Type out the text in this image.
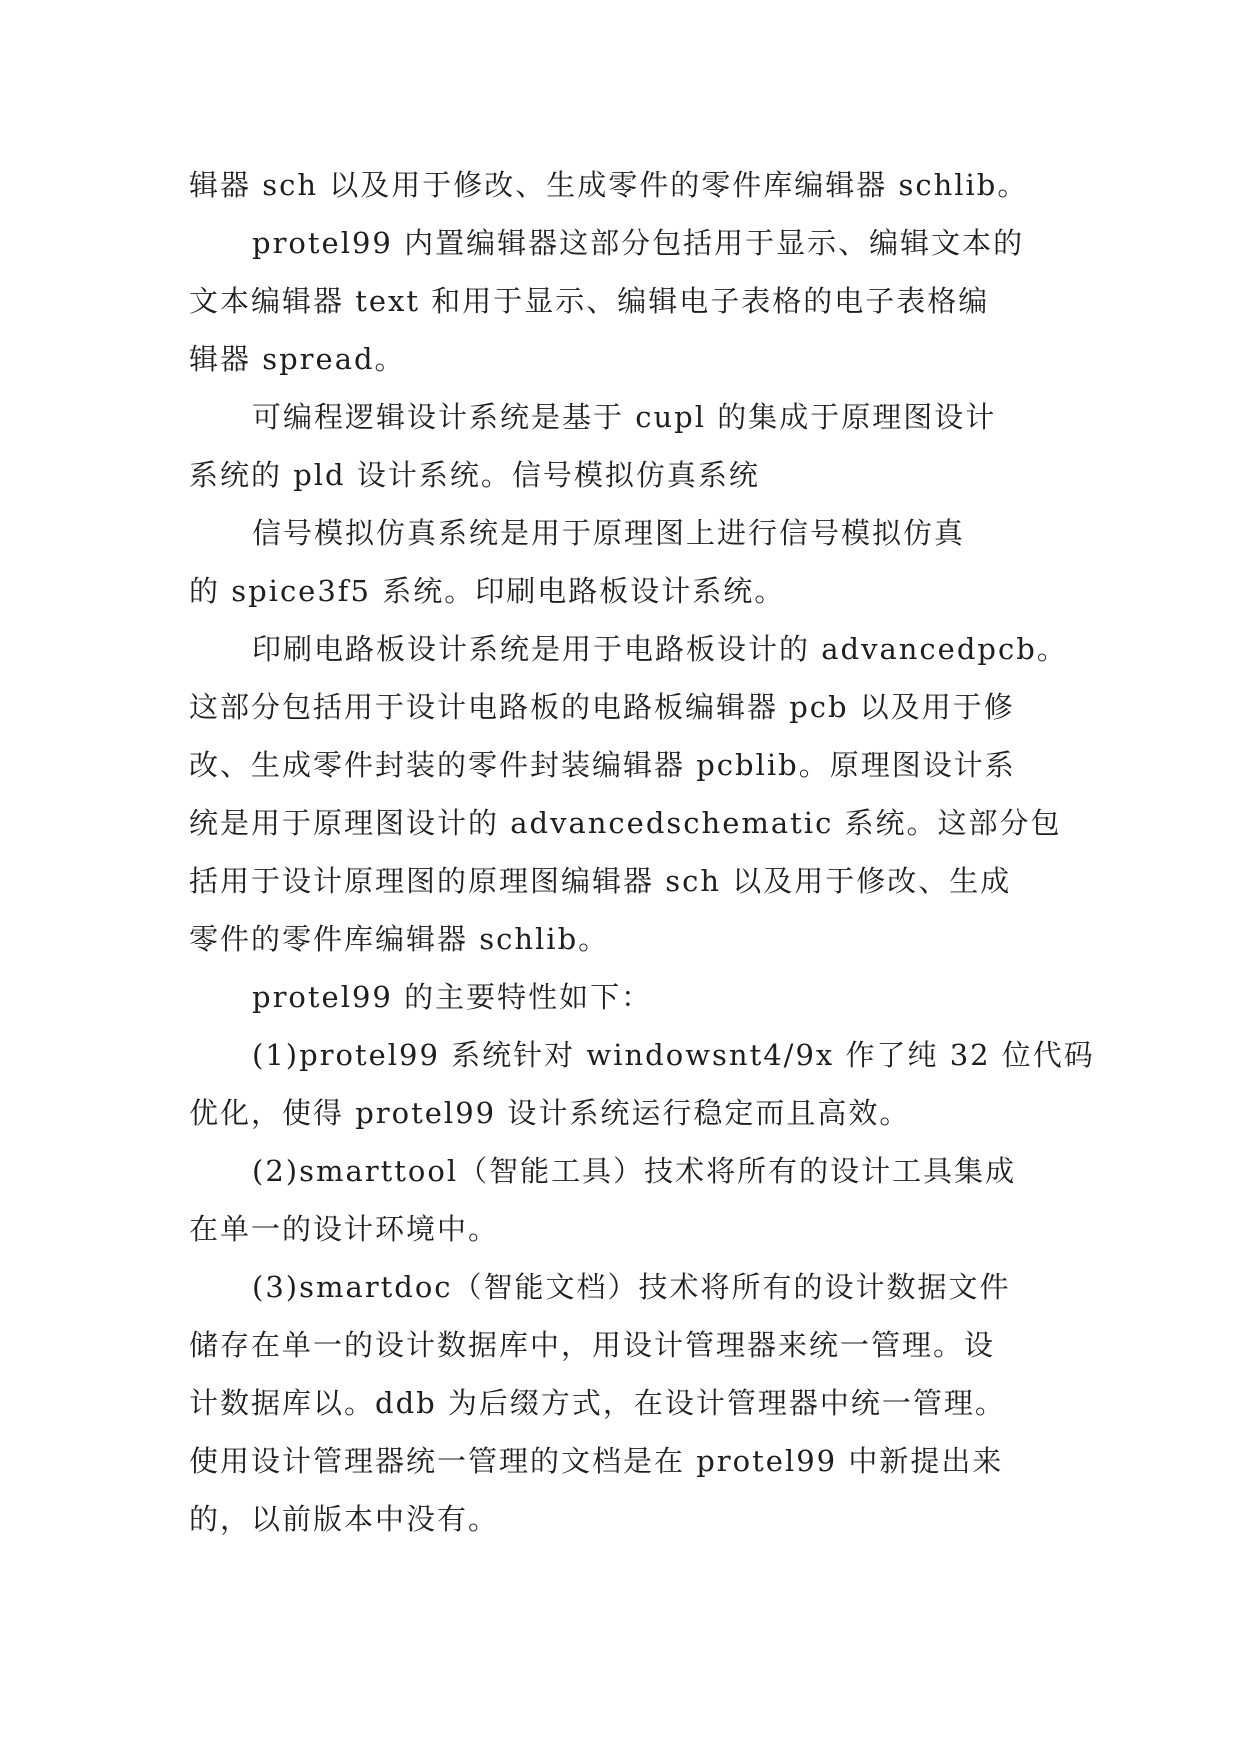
辑器 sch 以及用于修改、生成零件的零件库编辑器 schlib。
protel99 内置编辑器这部分包括用于显示、编辑文本的
文本编辑器 text 和用于显示、编辑电子表格的电子表格编
辑器 spread。
可编程逻辑设计系统是基于 cupl 的集成于原理图设计
系统的 pld 设计系统。信号模拟仿真系统
信号模拟仿真系统是用于原理图上进行信号模拟仿真
的 spice3f5 系统。印刷电路板设计系统。
印刷电路板设计系统是用于电路板设计的 advancedpcb。
这部分包括用于设计电路板的电路板编辑器 pcb 以及用于修
改、生成零件封装的零件封装编辑器 pcblib。原理图设计系
统是用于原理图设计的 advancedschematic 系统。这部分包
括用于设计原理图的原理图编辑器 sch 以及用于修改、生成
零件的零件库编辑器 schlib。
protel99 的主要特性如下：
(1)protel99 系统针对 windowsnt4/9x 作了纯 32 位代码
优化，使得 protel99 设计系统运行稳定而且高效。
(2)smarttool（智能工具）技术将所有的设计工具集成
在单一的设计环境中。
(3)smartdoc（智能文档）技术将所有的设计数据文件
储存在单一的设计数据库中，用设计管理器来统一管理。设
计数据库以。ddb 为后缀方式，在设计管理器中统一管理。
使用设计管理器统一管理的文档是在 protel99 中新提出来
的，以前版本中没有。
